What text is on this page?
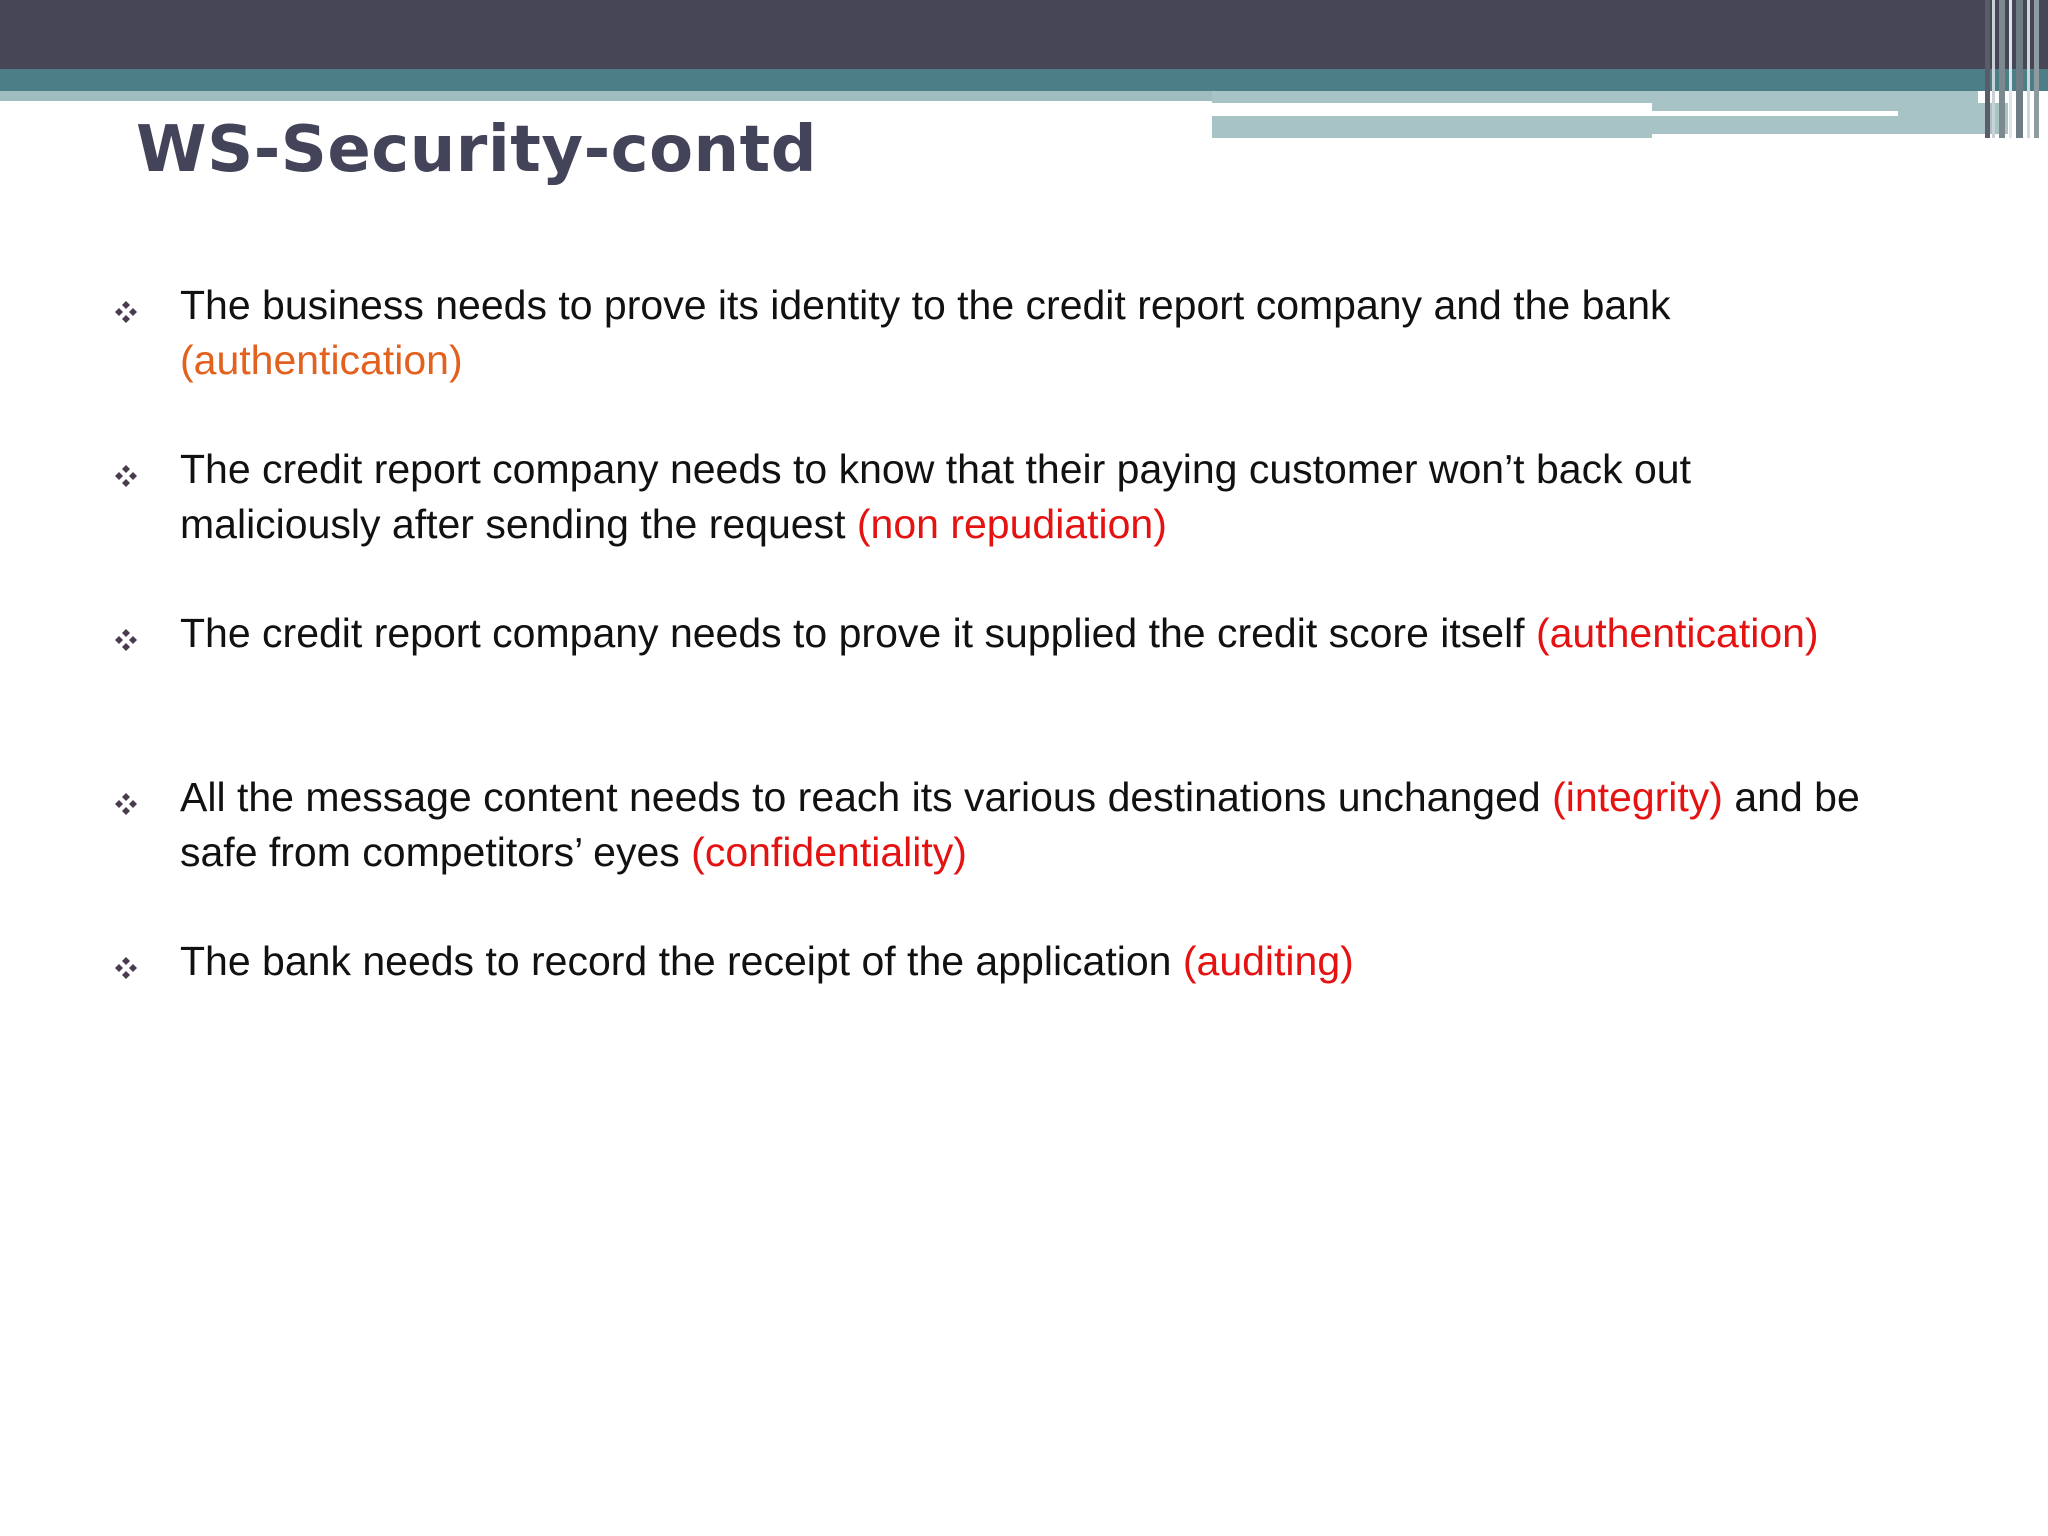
WS-Security-contd
The business needs to prove its identity to the credit report company and the bank (authentication)
The credit report company needs to know that their paying customer won’t back out maliciously after sending the request (non repudiation)
The credit report company needs to prove it supplied the credit score itself (authentication)
All the message content needs to reach its various destinations unchanged (integrity) and be safe from competitors’ eyes (confidentiality)
The bank needs to record the receipt of the application (auditing)
